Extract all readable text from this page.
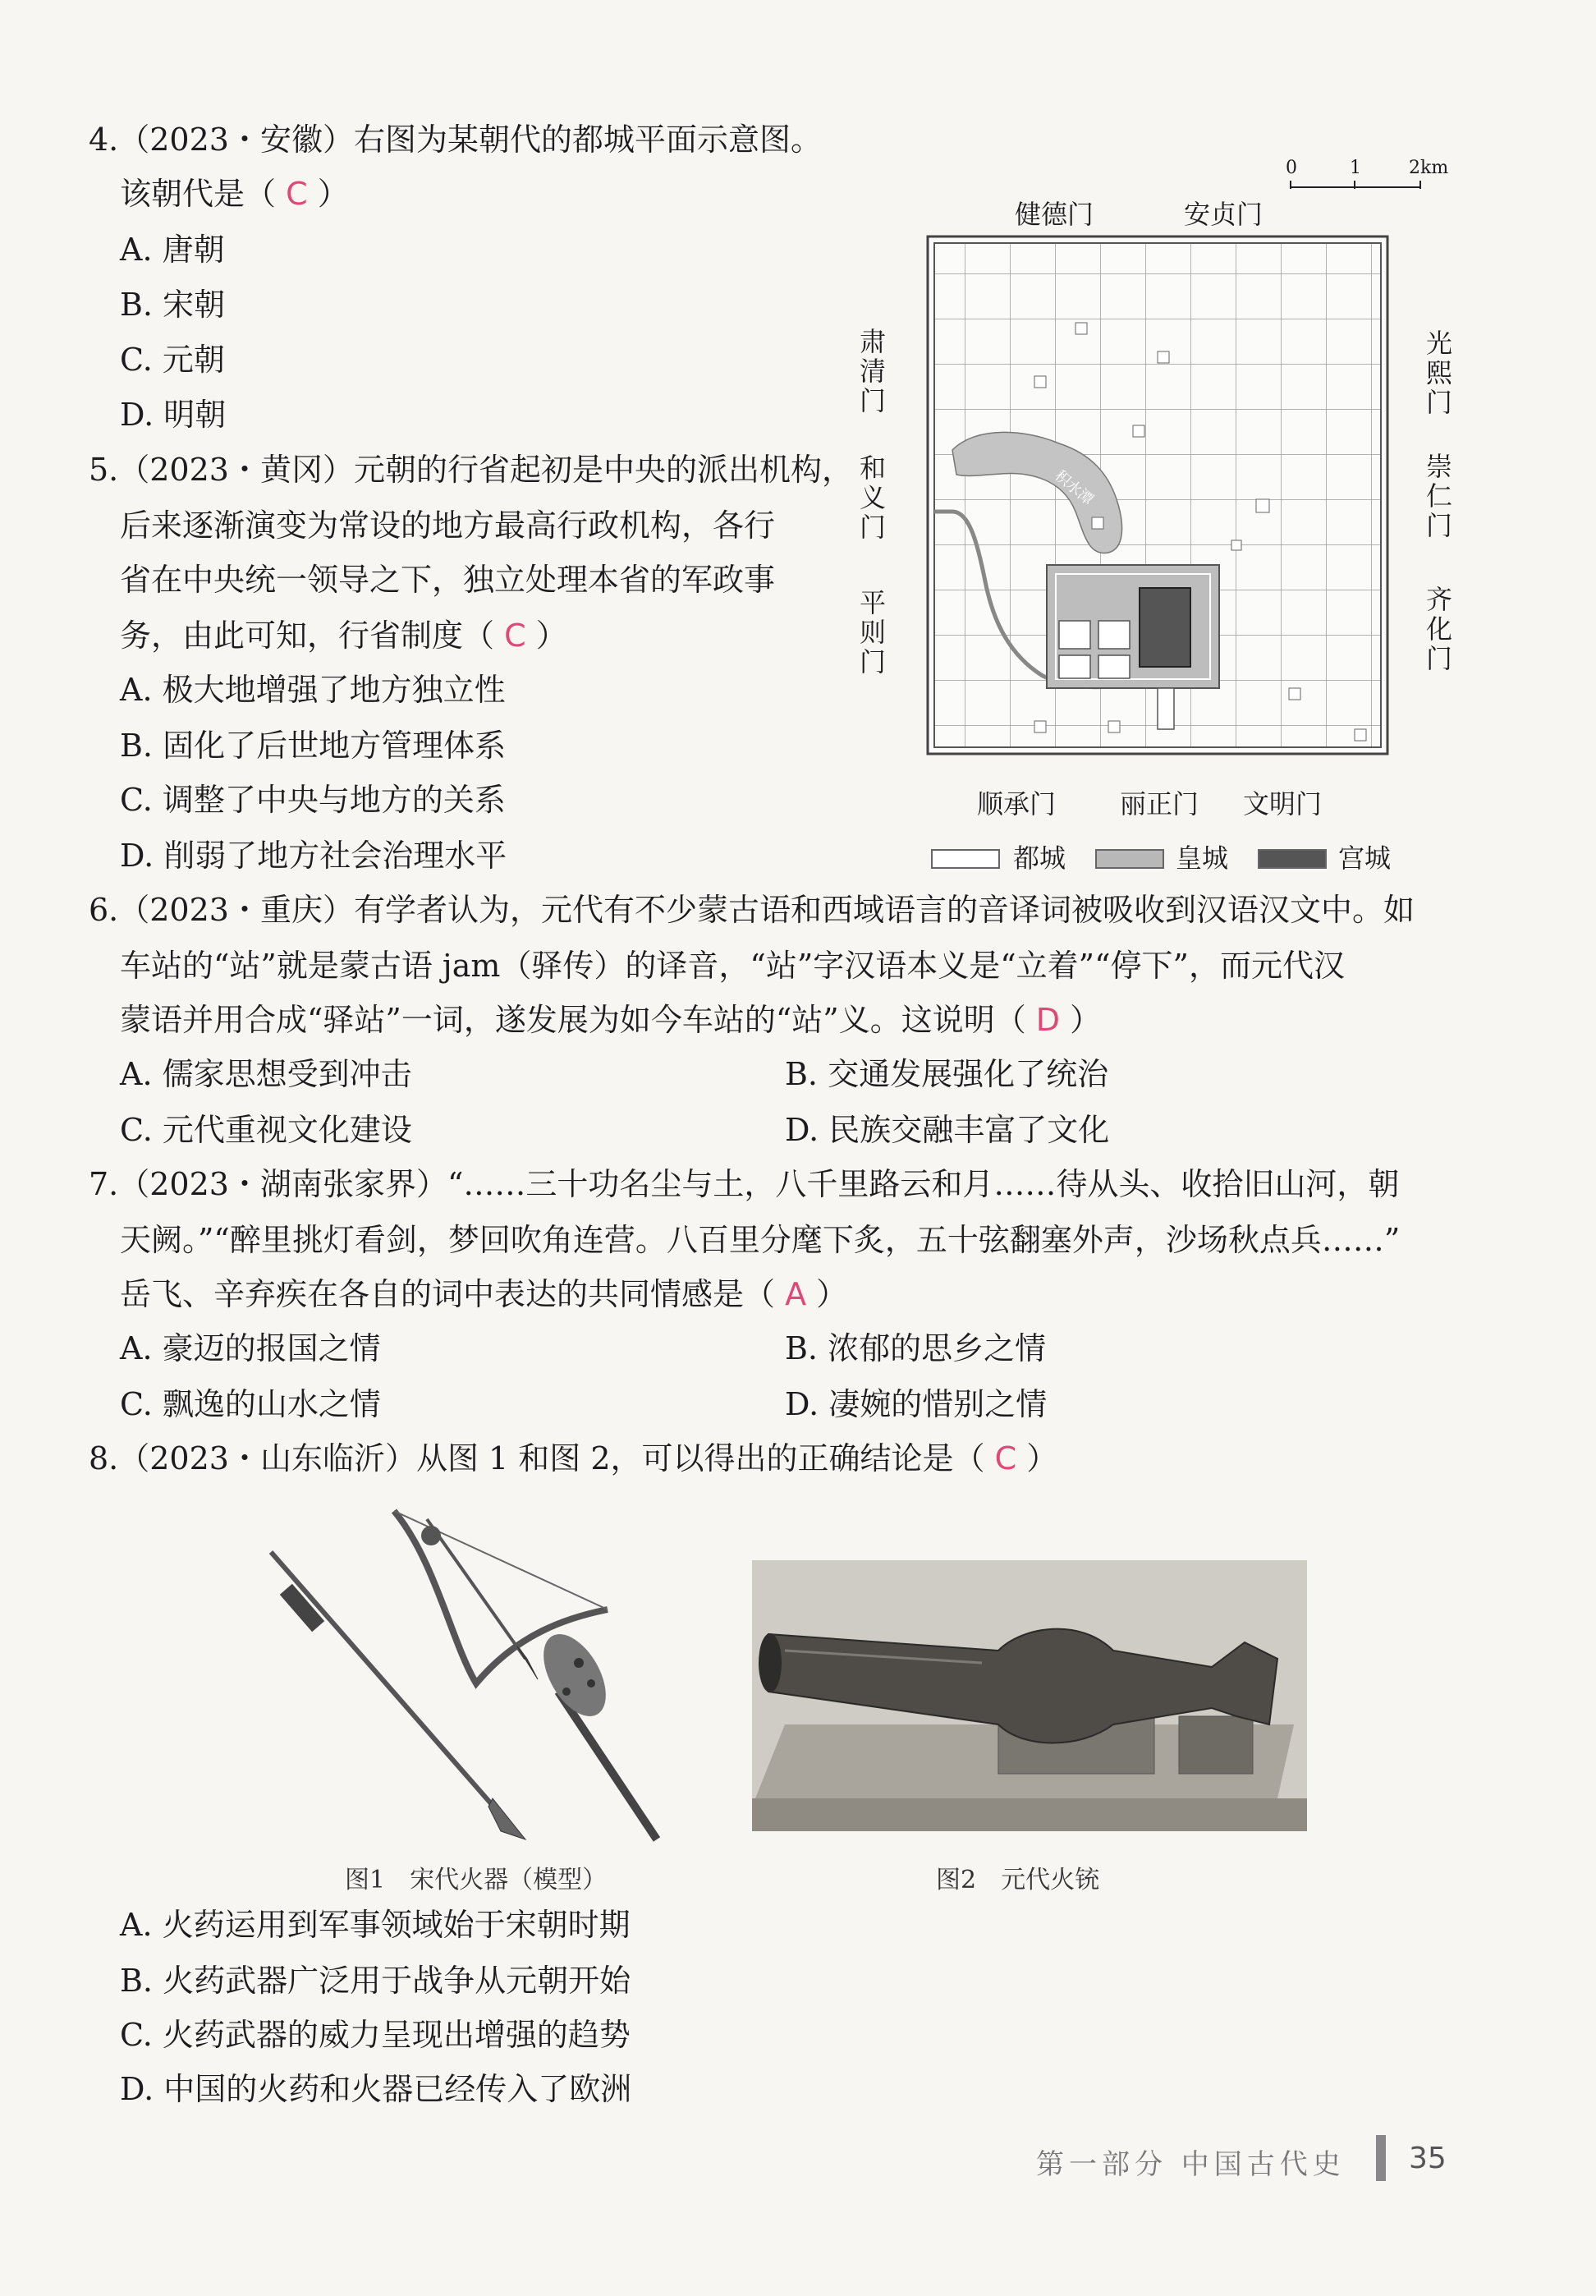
4.（2023・安徽）右图为某朝代的都城平面示意图。
该朝代是（ C ）
A. 唐朝
B. 宋朝
C. 元朝
D. 明朝
0	1	2km
健德门	安贞门
肃清门
和义门
平则门
光熙门
崇仁门
齐化门
顺承门 丽正门 文明门
积水潭
都城	皇城	宫城
5.（2023・黄冈）元朝的行省起初是中央的派出机构，
后来逐渐演变为常设的地方最高行政机构，各行
省在中央统一领导之下，独立处理本省的军政事
务，由此可知，行省制度（ C ）
A. 极大地增强了地方独立性
B. 固化了后世地方管理体系
C. 调整了中央与地方的关系
D. 削弱了地方社会治理水平
6.（2023・重庆）有学者认为，元代有不少蒙古语和西域语言的音译词被吸收到汉语汉文中。如
车站的“站”就是蒙古语 jam（驿传）的译音，“站”字汉语本义是“立着”“停下”，而元代汉
蒙语并用合成“驿站”一词，遂发展为如今车站的“站”义。这说明（ D ）
A. 儒家思想受到冲击	B. 交通发展强化了统治
C. 元代重视文化建设	D. 民族交融丰富了文化
7.（2023・湖南张家界）“……三十功名尘与土，八千里路云和月……待从头、收拾旧山河，朝
天阙。”“醉里挑灯看剑，梦回吹角连营。八百里分麾下炙，五十弦翻塞外声，沙场秋点兵……”
岳飞、辛弃疾在各自的词中表达的共同情感是（ A ）
A. 豪迈的报国之情	B. 浓郁的思乡之情
C. 飘逸的山水之情	D. 凄婉的惜别之情
8.（2023・山东临沂）从图 1 和图 2，可以得出的正确结论是（ C ）
图1　宋代火器（模型）	图2　元代火铳
A. 火药运用到军事领域始于宋朝时期
B. 火药武器广泛用于战争从元朝开始
C. 火药武器的威力呈现出增强的趋势
D. 中国的火药和火器已经传入了欧洲
第一部分 中国古代史 35
